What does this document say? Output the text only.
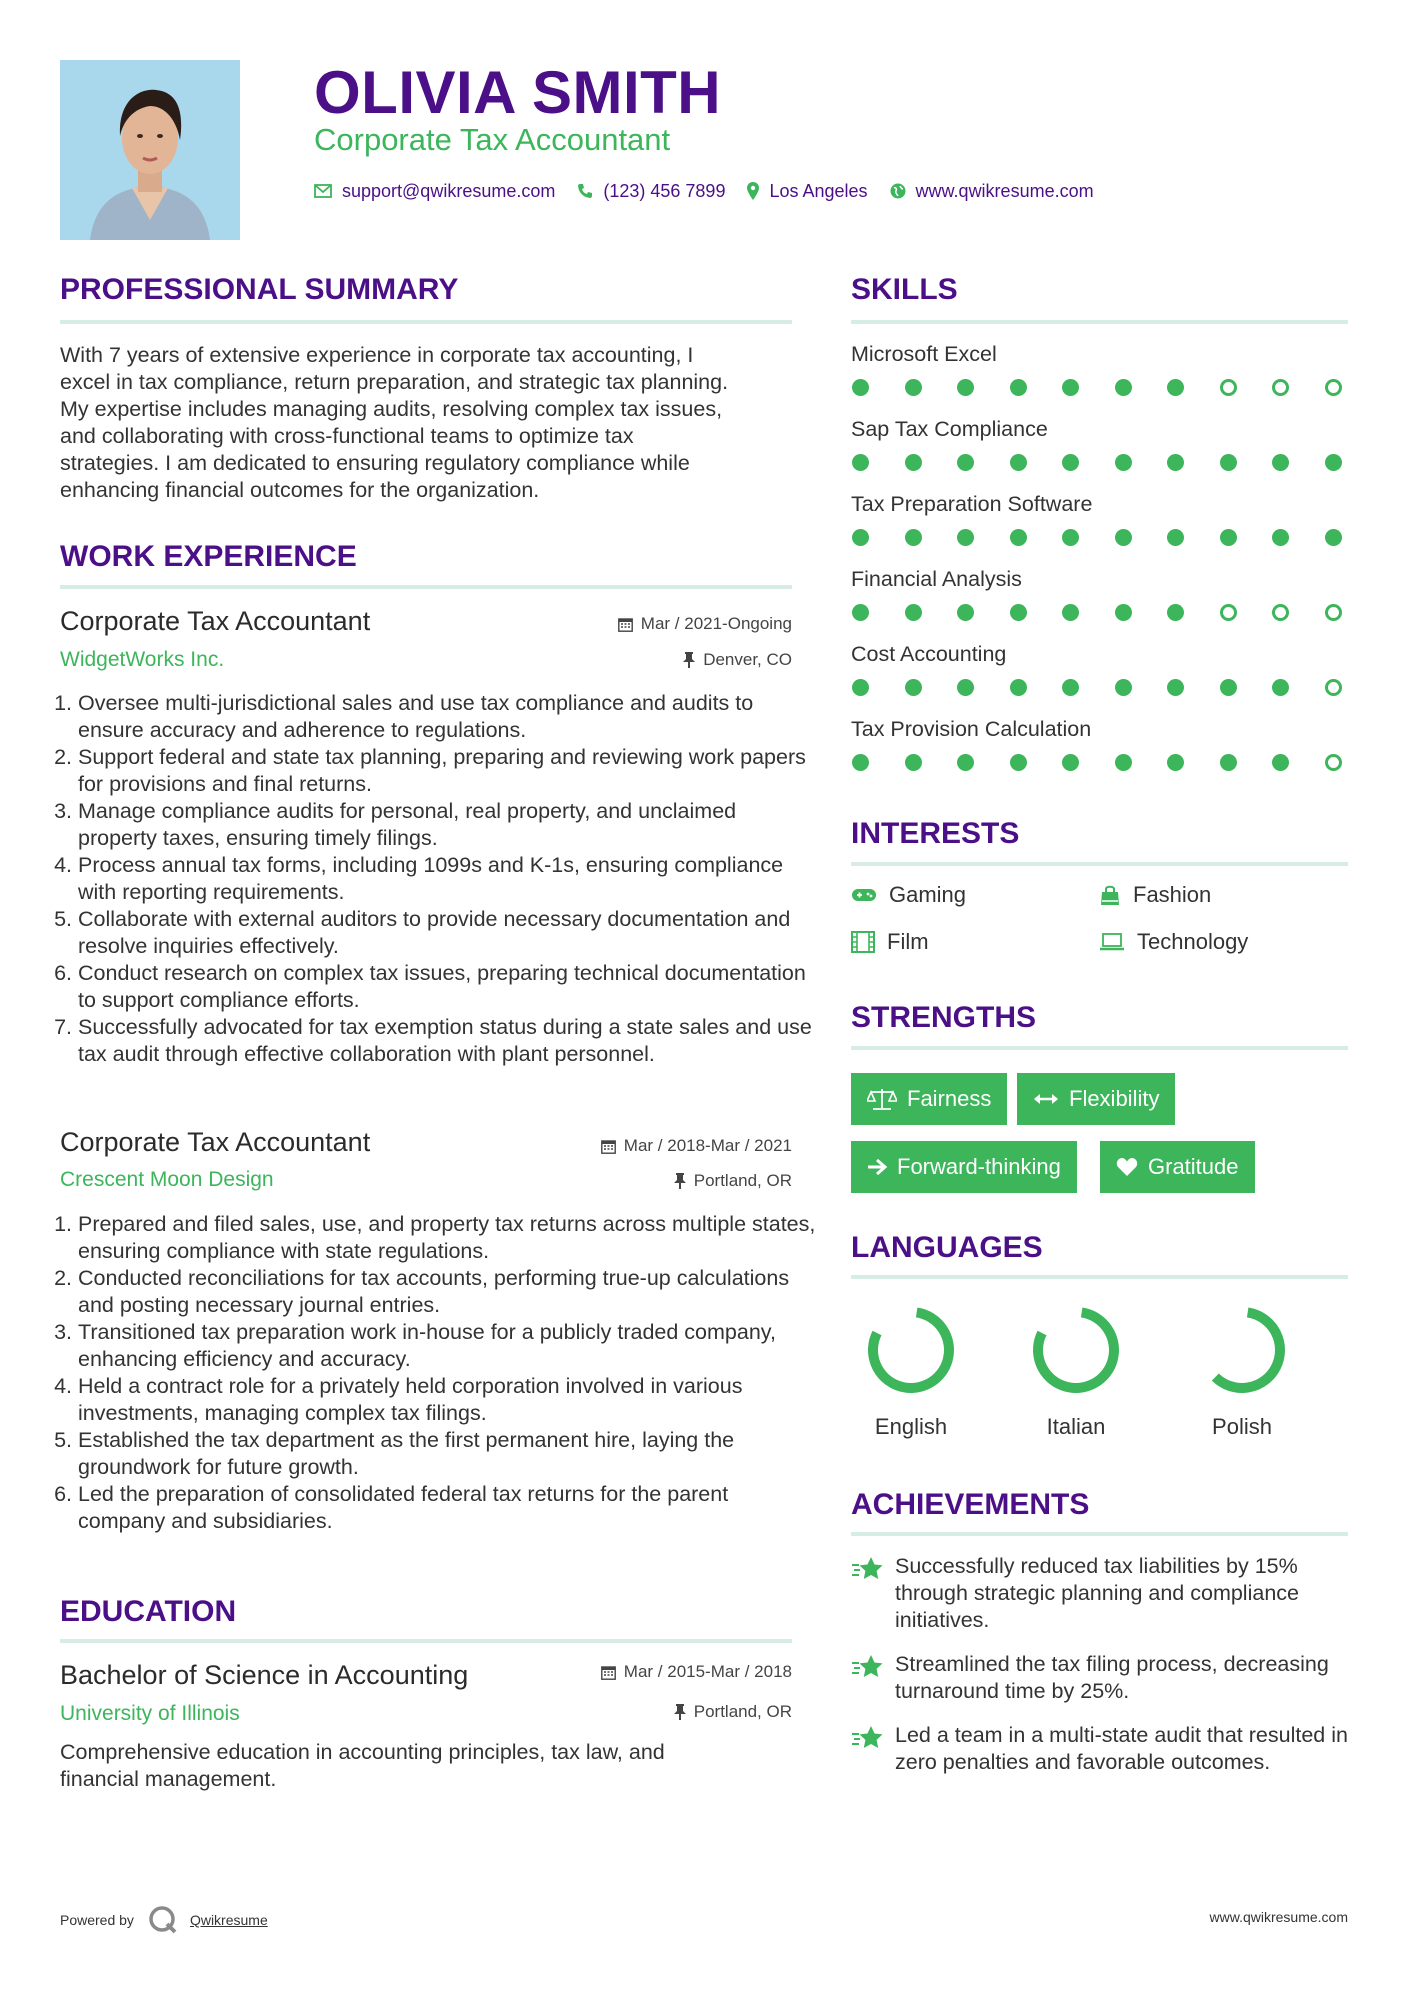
OLIVIA SMITH
Corporate Tax Accountant
support@qwikresume.com	(123) 456 7899 Los Angeles	www.qwikresume.com
PROFESSIONAL SUMMARY
With 7 years of extensive experience in corporate tax accounting, I
excel in tax compliance, return preparation, and strategic tax planning.
My expertise includes managing audits, resolving complex tax issues,
and collaborating with cross-functional teams to optimize tax
strategies. I am dedicated to ensuring regulatory compliance while
enhancing financial outcomes for the organization.
WORK EXPERIENCE
Corporate Tax Accountant	Mar / 2021-Ongoing
WidgetWorks Inc.	Denver, CO
1. Oversee multi-jurisdictional sales and use tax compliance and audits to ensure accuracy and adherence to regulations.
2. Support federal and state tax planning, preparing and reviewing work papers for provisions and final returns.
3. Manage compliance audits for personal, real property, and unclaimed property taxes, ensuring timely filings.
4. Process annual tax forms, including 1099s and K-1s, ensuring compliance with reporting requirements.
5. Collaborate with external auditors to provide necessary documentation and resolve inquiries effectively.
6. Conduct research on complex tax issues, preparing technical documentation to support compliance efforts.
7. Successfully advocated for tax exemption status during a state sales and use tax audit through effective collaboration with plant personnel.
Corporate Tax Accountant	Mar / 2018-Mar / 2021
Crescent Moon Design	Portland, OR
1. Prepared and filed sales, use, and property tax returns across multiple states, ensuring compliance with state regulations.
2. Conducted reconciliations for tax accounts, performing true-up calculations and posting necessary journal entries.
3. Transitioned tax preparation work in-house for a publicly traded company, enhancing efficiency and accuracy.
4. Held a contract role for a privately held corporation involved in various investments, managing complex tax filings.
5. Established the tax department as the first permanent hire, laying the groundwork for future growth.
6. Led the preparation of consolidated federal tax returns for the parent company and subsidiaries.
EDUCATION
Bachelor of Science in Accounting	Mar / 2015-Mar / 2018
University of Illinois	Portland, OR
Comprehensive education in accounting principles, tax law, and financial management.
SKILLS
Microsoft Excel
Sap Tax Compliance
Tax Preparation Software
Financial Analysis
Cost Accounting
Tax Provision Calculation
INTERESTS
Gaming	Fashion
Film	Technology
STRENGTHS
Fairness	Flexibility
Forward-thinking	Gratitude
LANGUAGES
English	Italian	Polish
ACHIEVEMENTS
Successfully reduced tax liabilities by 15% through strategic planning and compliance initiatives.
Streamlined the tax filing process, decreasing turnaround time by 25%.
Led a team in a multi-state audit that resulted in zero penalties and favorable outcomes.
Powered by	Qwikresume	www.qwikresume.com
